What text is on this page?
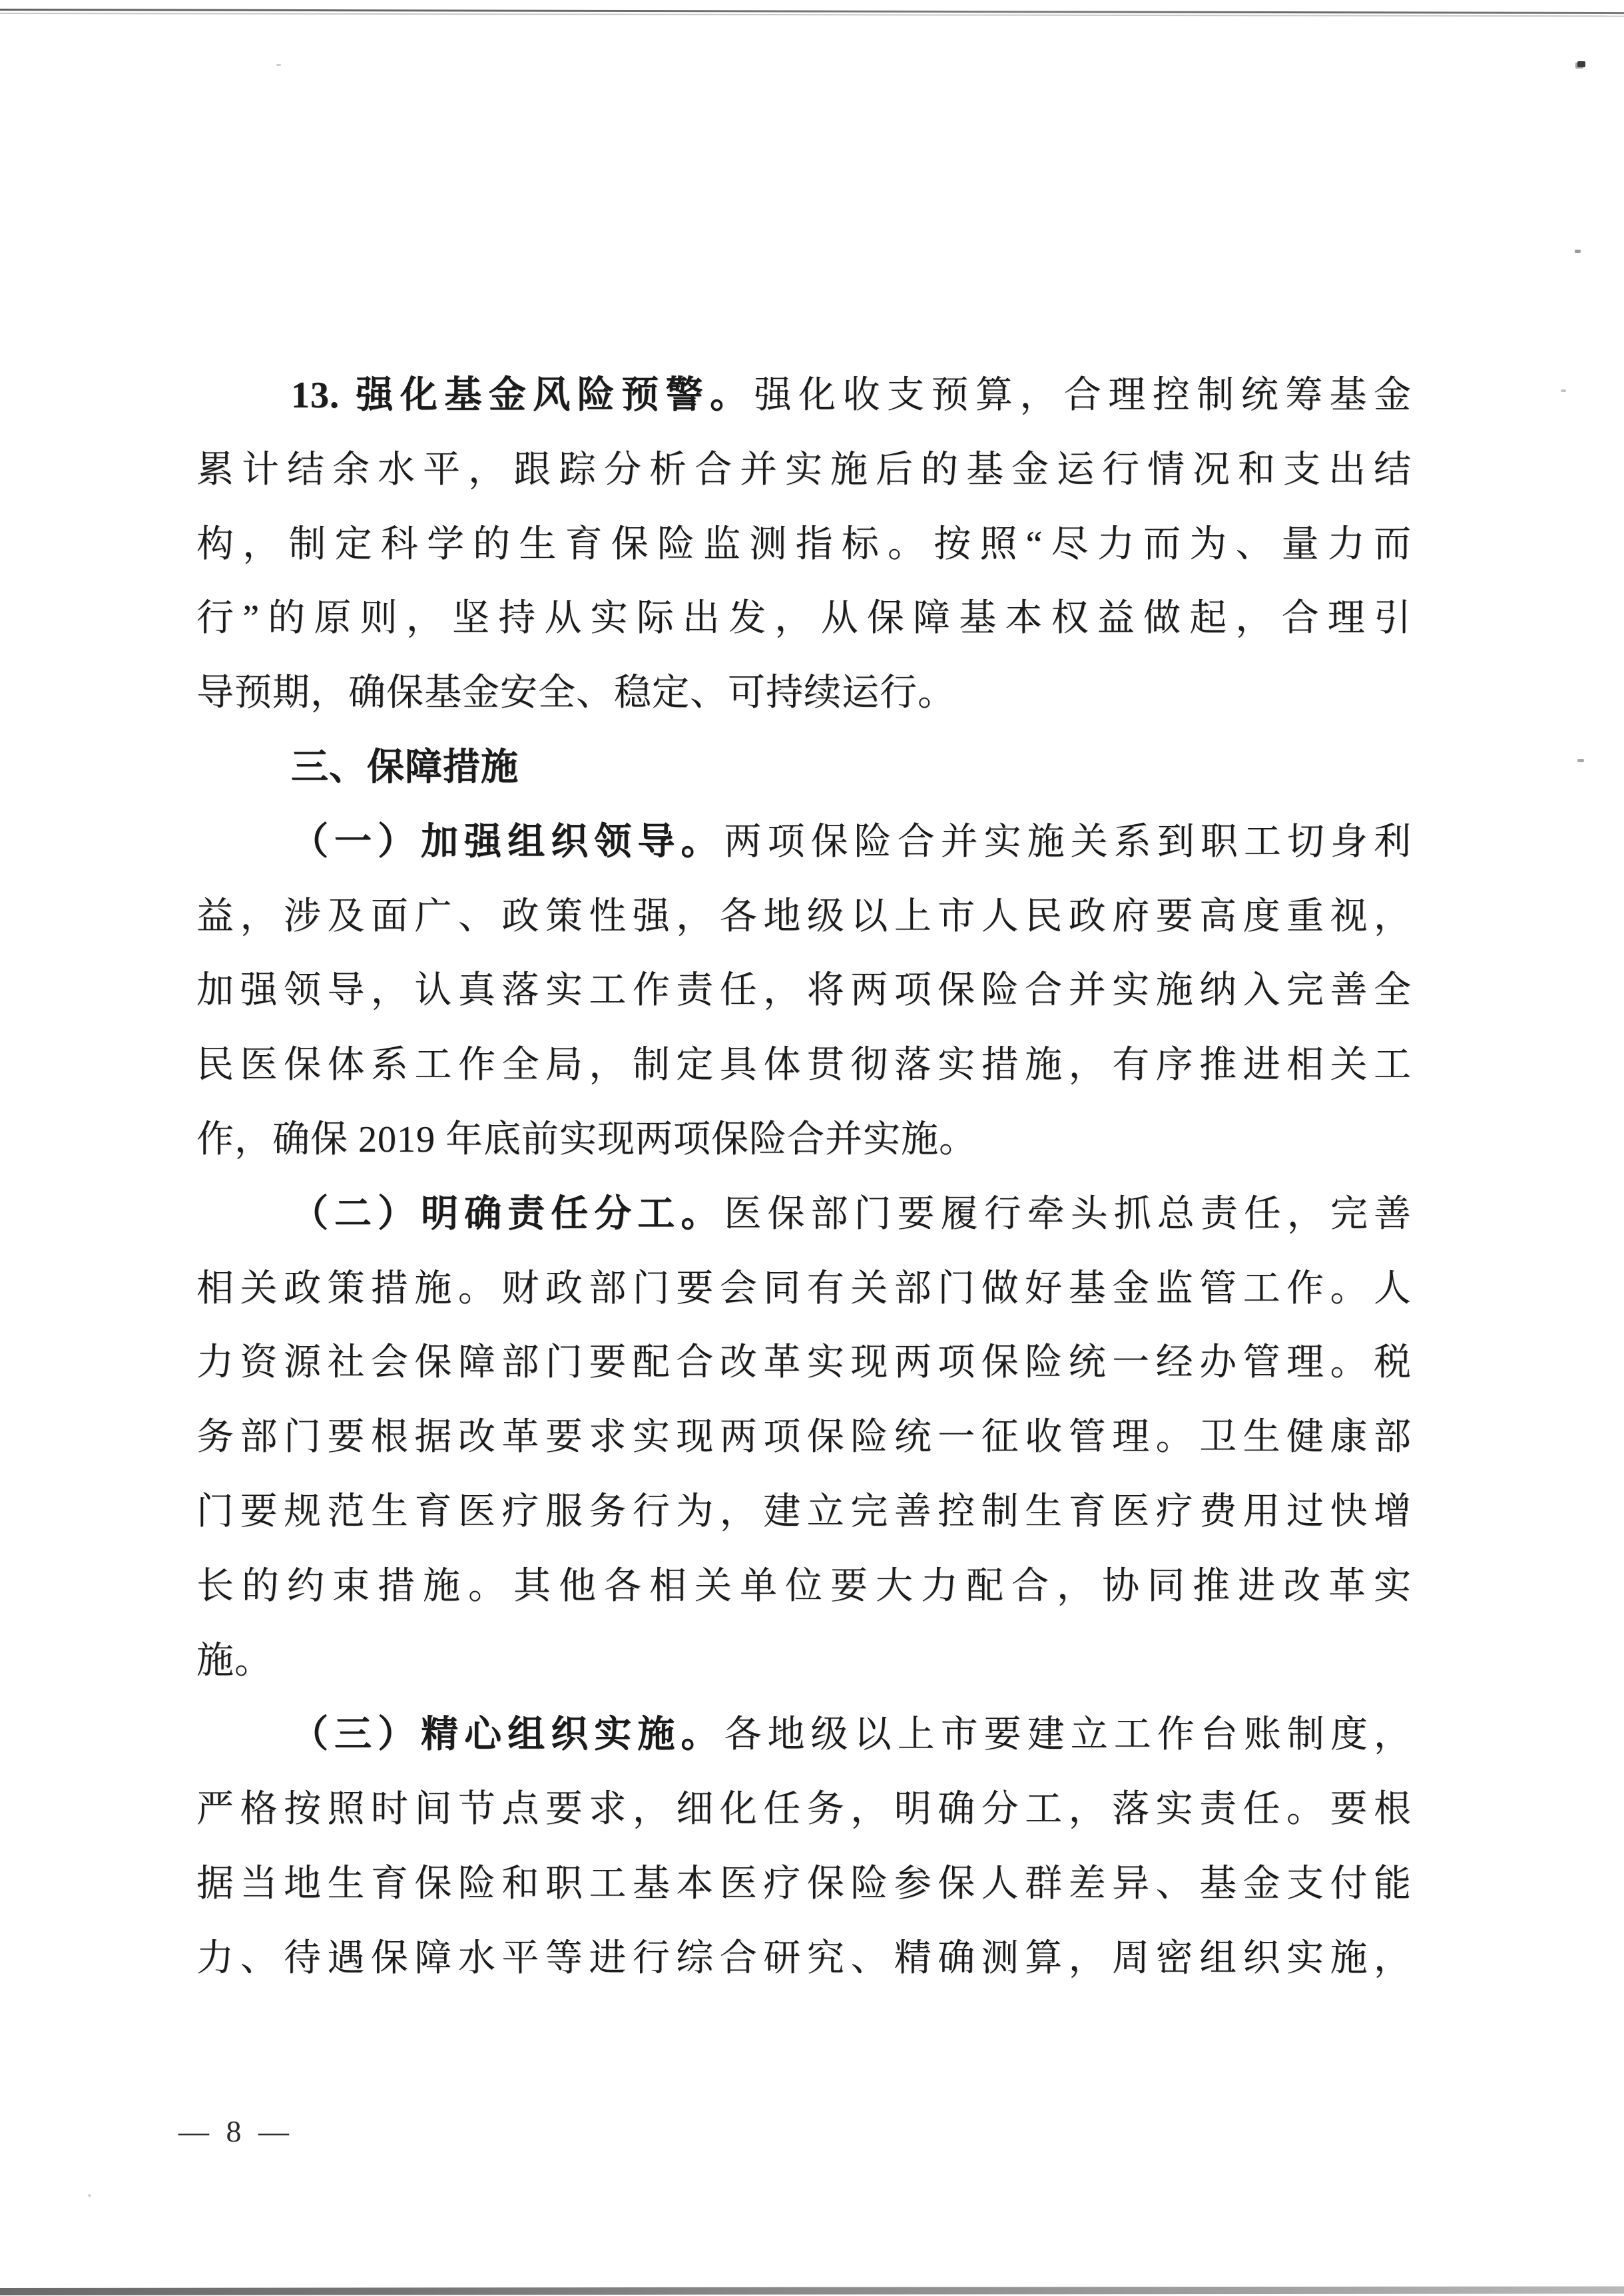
13. 强化基金风险预警。强化收支预算，合理控制统筹基金
累计结余水平，跟踪分析合并实施后的基金运行情况和支出结
构，制定科学的生育保险监测指标。按照“尽力而为、量力而
行”的原则，坚持从实际出发，从保障基本权益做起，合理引
导预期，确保基金安全、稳定、可持续运行。
三、保障措施
（一）加强组织领导。两项保险合并实施关系到职工切身利
益，涉及面广、政策性强，各地级以上市人民政府要高度重视，
加强领导，认真落实工作责任，将两项保险合并实施纳入完善全
民医保体系工作全局，制定具体贯彻落实措施，有序推进相关工
作，确保 2019 年底前实现两项保险合并实施。
（二）明确责任分工。医保部门要履行牵头抓总责任，完善
相关政策措施。财政部门要会同有关部门做好基金监管工作。人
力资源社会保障部门要配合改革实现两项保险统一经办管理。税
务部门要根据改革要求实现两项保险统一征收管理。卫生健康部
门要规范生育医疗服务行为，建立完善控制生育医疗费用过快增
长的约束措施。其他各相关单位要大力配合，协同推进改革实
施。
（三）精心组织实施。各地级以上市要建立工作台账制度，
严格按照时间节点要求，细化任务，明确分工，落实责任。要根
据当地生育保险和职工基本医疗保险参保人群差异、基金支付能
力、待遇保障水平等进行综合研究、精确测算，周密组织实施，
— 8 —
